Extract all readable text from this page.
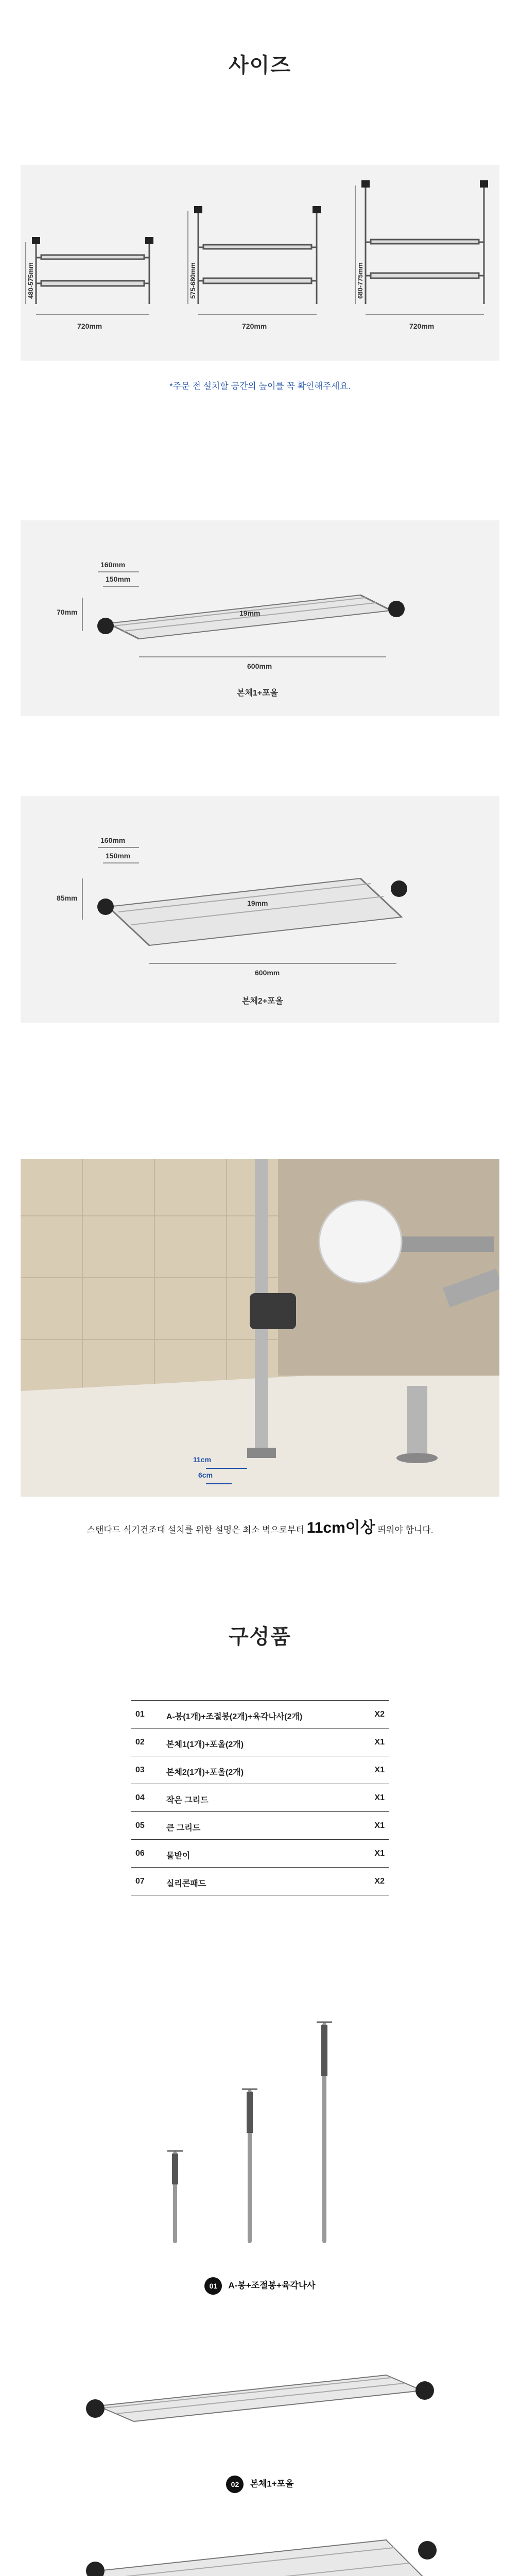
사이즈
480-575mm
720mm
575-680mm
720mm
680-775mm
720mm
*주문 전 설치할 공간의 높이를 꼭 확인해주세요.
160mm
150mm
70mm	19mm
600mm
본체1+포올
160mm
150mm
85mm
19mm
600mm
본체2+포올
11cm
6cm
스탠다드 식기건조대 설치를 위한 설명은 최소 벽으로부터 11cm이상 띄워야 합니다.
구성품
01	A-봉(1개)+조절봉(2개)+육각나사(2개)	X2
02	본체1(1개)+포올(2개)	X1
03	본체2(1개)+포올(2개)	X1
04	작은 그리드	X1
05	큰 그리드	X1
06	물받이	X1
07	실리콘패드	X2
01 A-봉+조절봉+육각나사
02 본체1+포올
